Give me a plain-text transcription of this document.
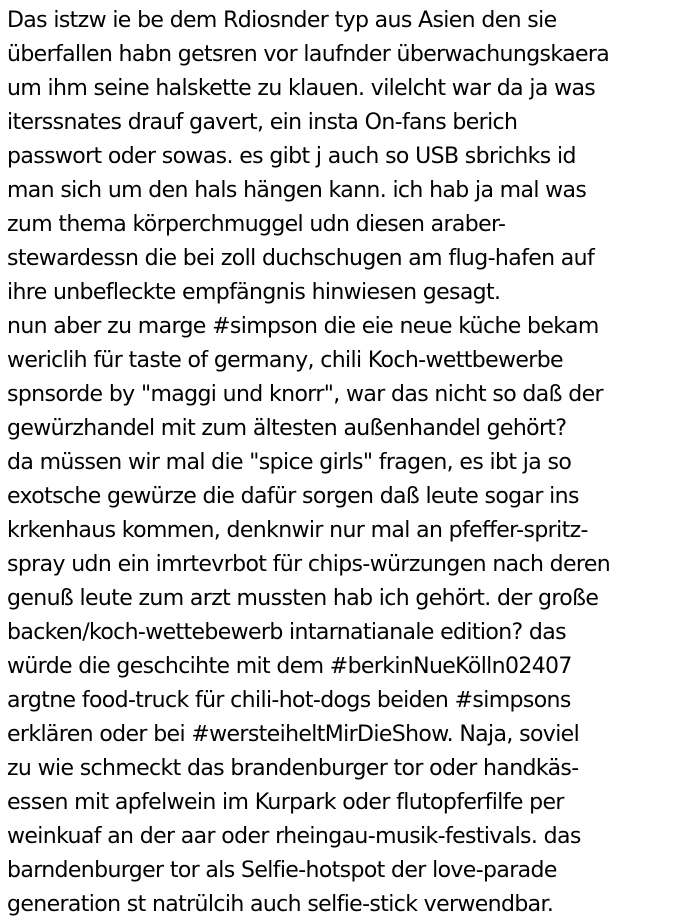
Das istzw ie be dem Rdiosnder typ aus Asien den sie
überfallen habn getsren vor laufnder überwachungskaera
um ihm seine halskette zu klauen. vilelcht war da ja was
iterssnates drauf gavert, ein insta On-fans berich
passwort oder sowas. es gibt j auch so USB sbrichks id
man sich um den hals hängen kann. ich hab ja mal was
zum thema körperchmuggel udn diesen araber-
stewardessn die bei zoll duchschugen am flug-hafen auf
ihre unbefleckte empfängnis hinwiesen gesagt.
nun aber zu marge #simpson die eie neue küche bekam
wericlih für taste of germany, chili Koch-wettbewerbe
spnsorde by "maggi und knorr", war das nicht so daß der
gewürzhandel mit zum ältesten außenhandel gehört?
da müssen wir mal die "spice girls" fragen, es ibt ja so
exotsche gewürze die dafür sorgen daß leute sogar ins
krkenhaus kommen, denknwir nur mal an pfeffer-spritz-
spray udn ein imrtevrbot für chips-würzungen nach deren
genuß leute zum arzt mussten hab ich gehört. der große
backen/koch-wettebewerb intarnatianale edition? das
würde die geschcihte mit dem #berkinNueKölln02407
argtne food-truck für chili-hot-dogs beiden #simpsons
erklären oder bei #wersteiheltMirDieShow. Naja, soviel
zu wie schmeckt das brandenburger tor oder handkäs-
essen mit apfelwein im Kurpark oder flutopferfilfe per
weinkuaf an der aar oder rheingau-musik-festivals. das
barndenburger tor als Selfie-hotspot der love-parade
generation st natrülcih auch selfie-stick verwendbar.
